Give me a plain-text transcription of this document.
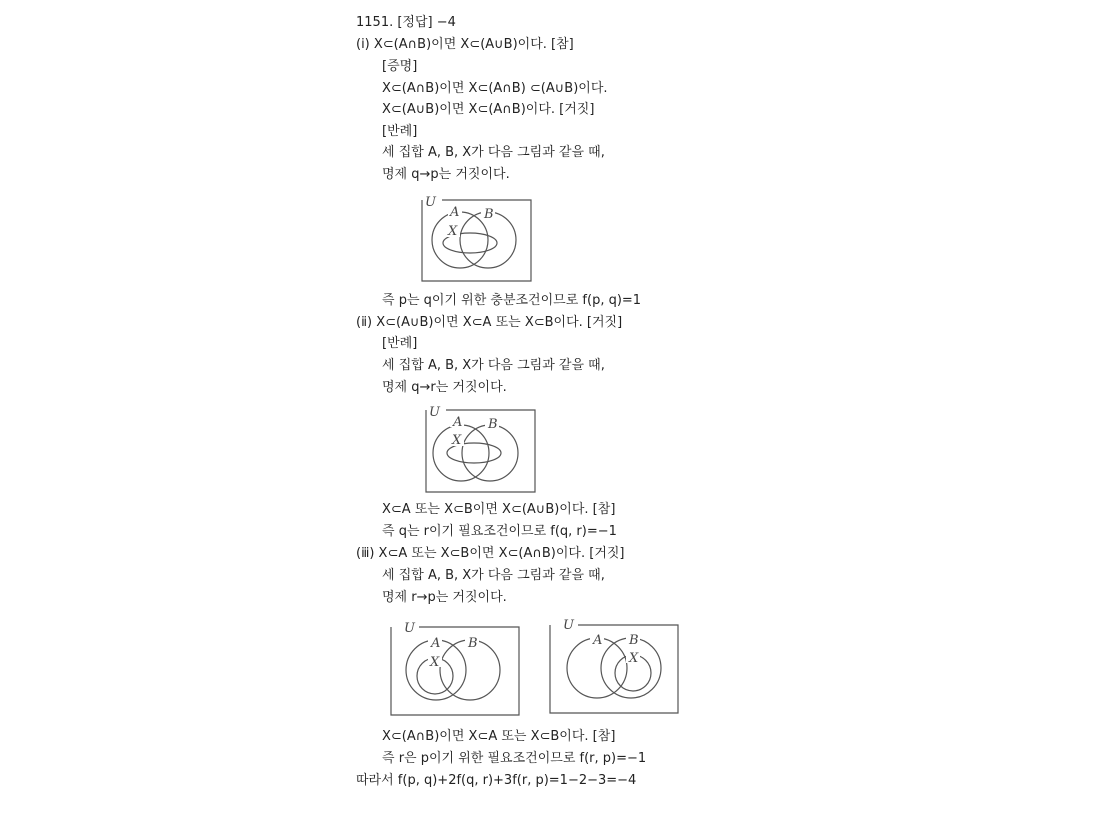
1151. [정답] −4
(ⅰ) X⊂(A∩B)이면 X⊂(A∪B)이다. [참]
[증명]
X⊂(A∩B)이면 X⊂(A∩B) ⊂(A∪B)이다.
X⊂(A∪B)이면 X⊂(A∩B)이다. [거짓]
[반례]
세 집합 A, B, X가 다음 그림과 같을 때,
명제 q→p는 거짓이다.
U
A B
X
즉 p는 q이기 위한 충분조건이므로 f(p, q)=1
(ⅱ) X⊂(A∪B)이면 X⊂A 또는 X⊂B이다. [거짓]
[반례]
세 집합 A, B, X가 다음 그림과 같을 때,
명제 q→r는 거짓이다.
U
A B
X
X⊂A 또는 X⊂B이면 X⊂(A∪B)이다. [참]
즉 q는 r이기 필요조건이므로 f(q, r)=−1
(ⅲ) X⊂A 또는 X⊂B이면 X⊂(A∩B)이다. [거짓]
세 집합 A, B, X가 다음 그림과 같을 때,
명제 r→p는 거짓이다.
U
A B
X
U
A B
X
X⊂(A∩B)이면 X⊂A 또는 X⊂B이다. [참]
즉 r은 p이기 위한 필요조건이므로 f(r, p)=−1
따라서 f(p, q)+2f(q, r)+3f(r, p)=1−2−3=−4
